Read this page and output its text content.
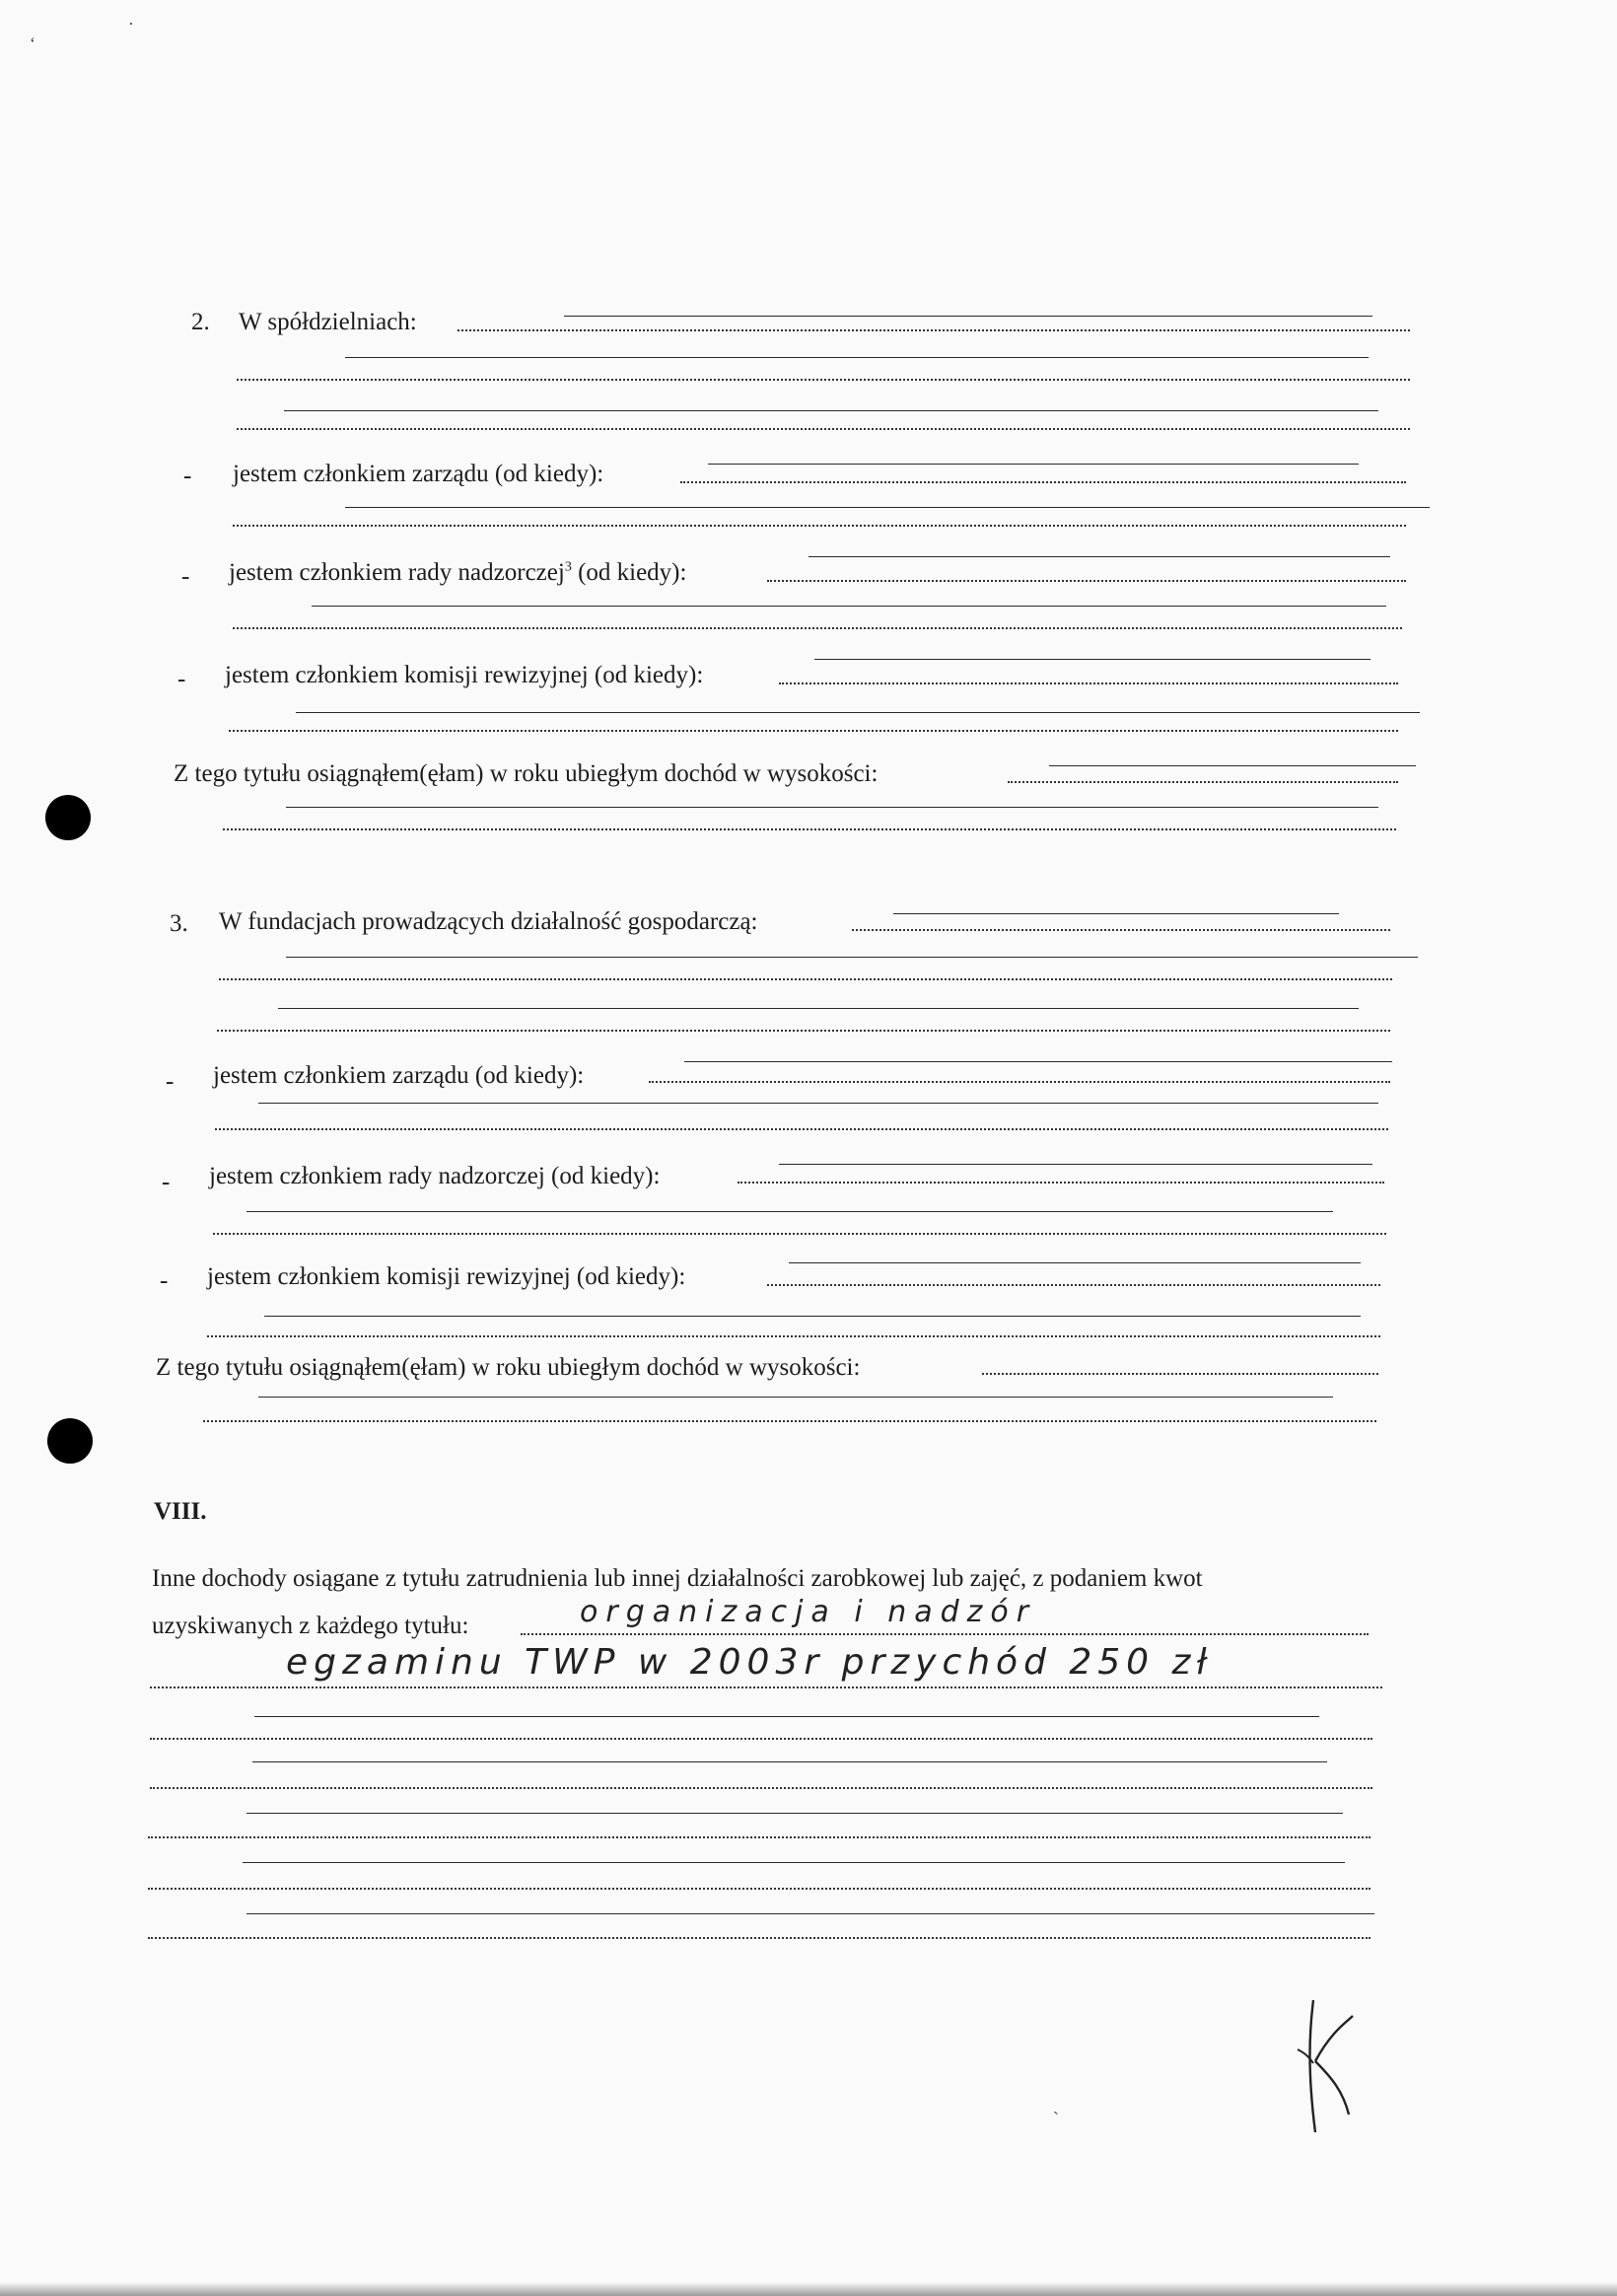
‘
·
2. W spółdzielniach:
- jestem członkiem zarządu (od kiedy):
- jestem członkiem rady nadzorczej$^3$ (od kiedy):
- jestem członkiem komisji rewizyjnej (od kiedy):
Z tego tytułu osiągnąłem(ęłam) w roku ubiegłym dochód w wysokości:
3. W fundacjach prowadzących działalność gospodarczą:
- jestem członkiem zarządu (od kiedy):
- jestem członkiem rady nadzorczej (od kiedy):
- jestem członkiem komisji rewizyjnej (od kiedy):
Z tego tytułu osiągnąłem(ęłam) w roku ubiegłym dochód w wysokości:
VIII.
Inne dochody osiągane z tytułu zatrudnienia lub innej działalności zarobkowej lub zajęć, z podaniem kwot
uzyskiwanych z każdego tytułu:	organizacja i nadzór
egzaminu TWP w 2003r przychód 250 zł
K
ˏ
